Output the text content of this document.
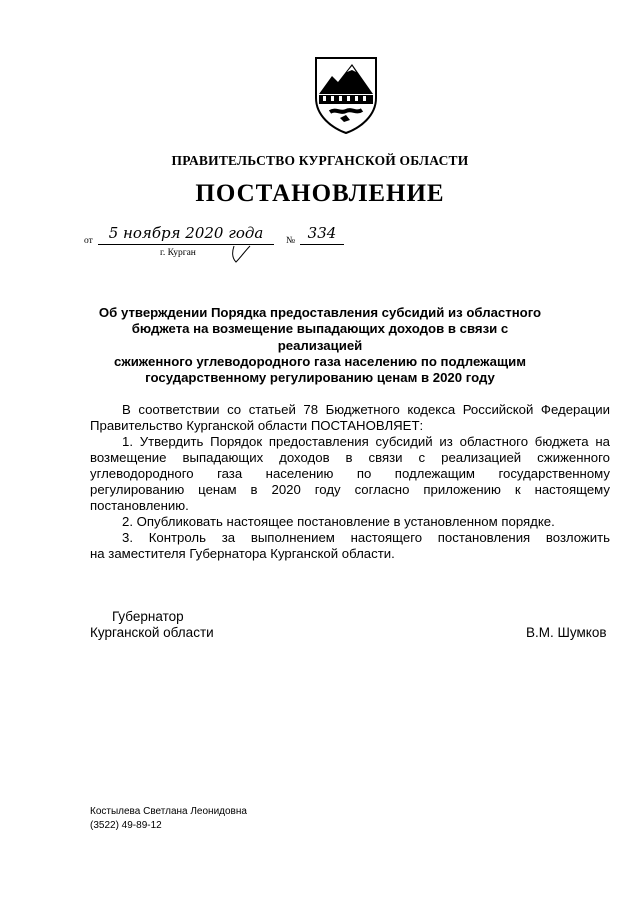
ПРАВИТЕЛЬСТВО КУРГАНСКОЙ ОБЛАСТИ
ПОСТАНОВЛЕНИЕ
от	5 ноября 2020 года	№ 334
г. Курган
Об утверждении Порядка предоставления субсидий из областного
бюджета на возмещение выпадающих доходов в связи с реализацией
сжиженного углеводородного газа населению по подлежащим
государственному регулированию ценам в 2020 году
В соответствии со статьей 78 Бюджетного кодекса Российской Федерации
Правительство Курганской области ПОСТАНОВЛЯЕТ:
1. Утвердить Порядок предоставления субсидий из областного бюджета на
возмещение выпадающих доходов в связи с реализацией сжиженного
углеводородного газа населению по подлежащим государственному
регулированию ценам в 2020 году согласно приложению к настоящему
постановлению.
2. Опубликовать настоящее постановление в установленном порядке.
3. Контроль за выполнением настоящего постановления возложить
на заместителя Губернатора Курганской области.
Губернатор
Курганской области	В.М. Шумков
Костылева Светлана Леонидовна
(3522) 49-89-12
